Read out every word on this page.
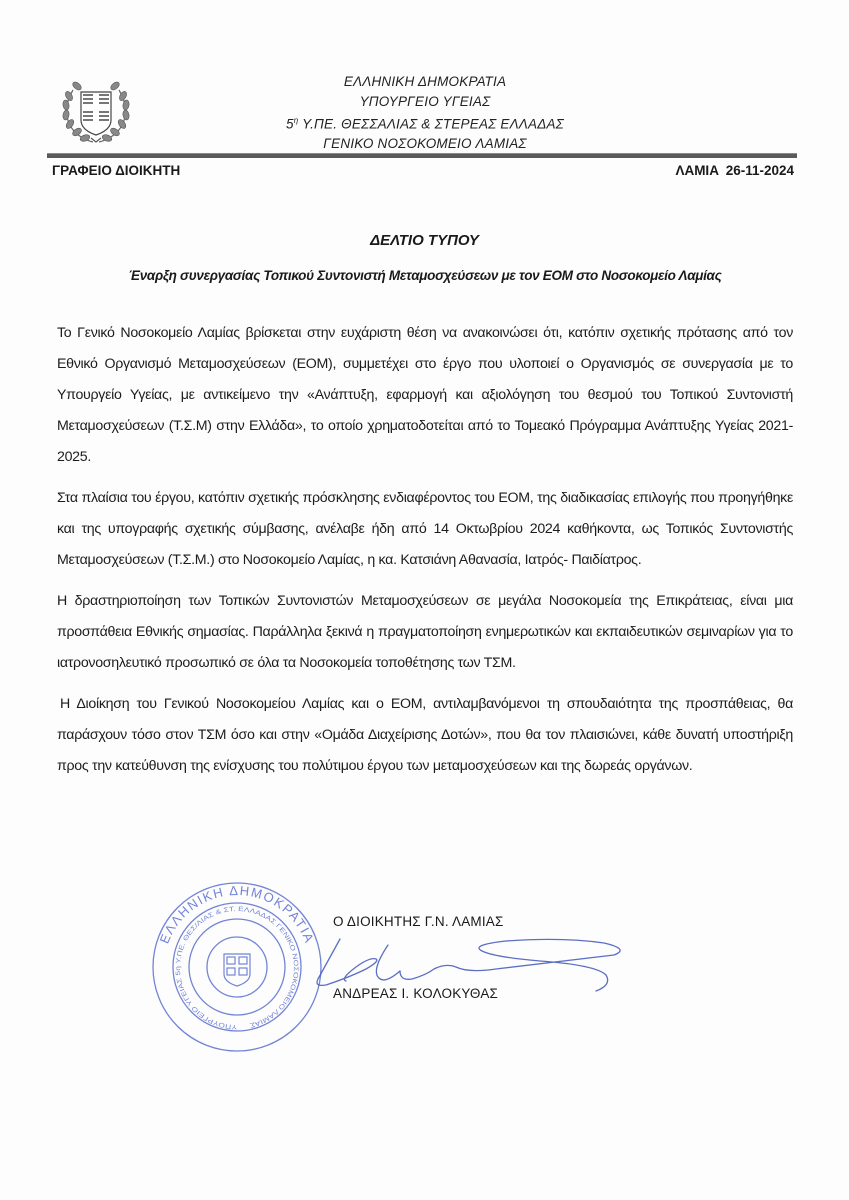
ΕΛΛΗΝΙΚΗ ΔΗΜΟΚΡΑΤΙΑ
ΥΠΟΥΡΓΕΙΟ ΥΓΕΙΑΣ
$5^\eta$ Υ.ΠΕ. ΘΕΣΣΑΛΙΑΣ & ΣΤΕΡΕΑΣ ΕΛΛΑΔΑΣ
ΓΕΝΙΚΟ ΝΟΣΟΚΟΜΕΙΟ ΛΑΜΙΑΣ
ΓΡΑΦΕΙΟ ΔΙΟΙΚΗΤΗ	ΛΑΜΙΑ 26-11-2024
ΔΕΛΤΙΟ ΤΥΠΟΥ
Έναρξη συνεργασίας Τοπικού Συντονιστή Μεταμοσχεύσεων με τον ΕΟΜ στο Νοσοκομείο Λαμίας

Το Γενικό Νοσοκομείο Λαμίας βρίσκεται στην ευχάριστη θέση να ανακοινώσει ότι, κατόπιν σχετικής πρότασης από τον Εθνικό Οργανισμό Μεταμοσχεύσεων (ΕΟΜ), συμμετέχει στο έργο που υλοποιεί ο Οργανισμός σε συνεργασία με το Υπουργείο Υγείας, με αντικείμενο την «Ανάπτυξη, εφαρμογή και αξιολόγηση του θεσμού του Τοπικού Συντονιστή Μεταμοσχεύσεων (Τ.Σ.Μ) στην Ελλάδα», το οποίο χρηματοδοτείται από το Τομεακό Πρόγραμμα Ανάπτυξης Υγείας 2021-2025.

Στα πλαίσια του έργου, κατόπιν σχετικής πρόσκλησης ενδιαφέροντος του ΕΟΜ, της διαδικασίας επιλογής που προηγήθηκε και της υπογραφής σχετικής σύμβασης, ανέλαβε ήδη από 14 Οκτωβρίου 2024 καθήκοντα, ως Τοπικός Συντονιστής Μεταμοσχεύσεων (Τ.Σ.Μ.) στο Νοσοκομείο Λαμίας, η κα. Κατσιάνη Αθανασία, Ιατρός- Παιδίατρος.

Η δραστηριοποίηση των Τοπικών Συντονιστών Μεταμοσχεύσεων σε μεγάλα Νοσοκομεία της Επικράτειας, είναι μια προσπάθεια Εθνικής σημασίας. Παράλληλα ξεκινά η πραγματοποίηση ενημερωτικών και εκπαιδευτικών σεμιναρίων για το ιατρονοσηλευτικό προσωπικό σε όλα τα Νοσοκομεία τοποθέτησης των ΤΣΜ.

Η Διοίκηση του Γενικού Νοσοκομείου Λαμίας και ο ΕΟΜ, αντιλαμβανόμενοι τη σπουδαιότητα της προσπάθειας, θα παράσχουν τόσο στον ΤΣΜ όσο και στην «Ομάδα Διαχείρισης Δοτών», που θα τον πλαισιώνει, κάθε δυνατή υποστήριξη προς την κατεύθυνση της ενίσχυσης του πολύτιμου έργου των μεταμοσχεύσεων και της δωρεάς οργάνων.

ΕΛΛΗΝΙΚΗ ΔΗΜΟΚΡΑΤΙΑ
ΥΠΟΥΡΓΕΙΟ ΥΓΕΙΑΣ 5η Υ.ΠΕ. ΘΕΣ/ΛΙΑΣ & ΣΤ. ΕΛΛΑΔΑΣ ΓΕΝΙΚΟ ΝΟΣΟΚΟΜΕΙΟ ΛΑΜΙΑΣ
Ο ΔΙΟΙΚΗΤΗΣ Γ.Ν. ΛΑΜΙΑΣ
ΑΝΔΡΕΑΣ Ι. ΚΟΛΟΚΥΘΑΣ
